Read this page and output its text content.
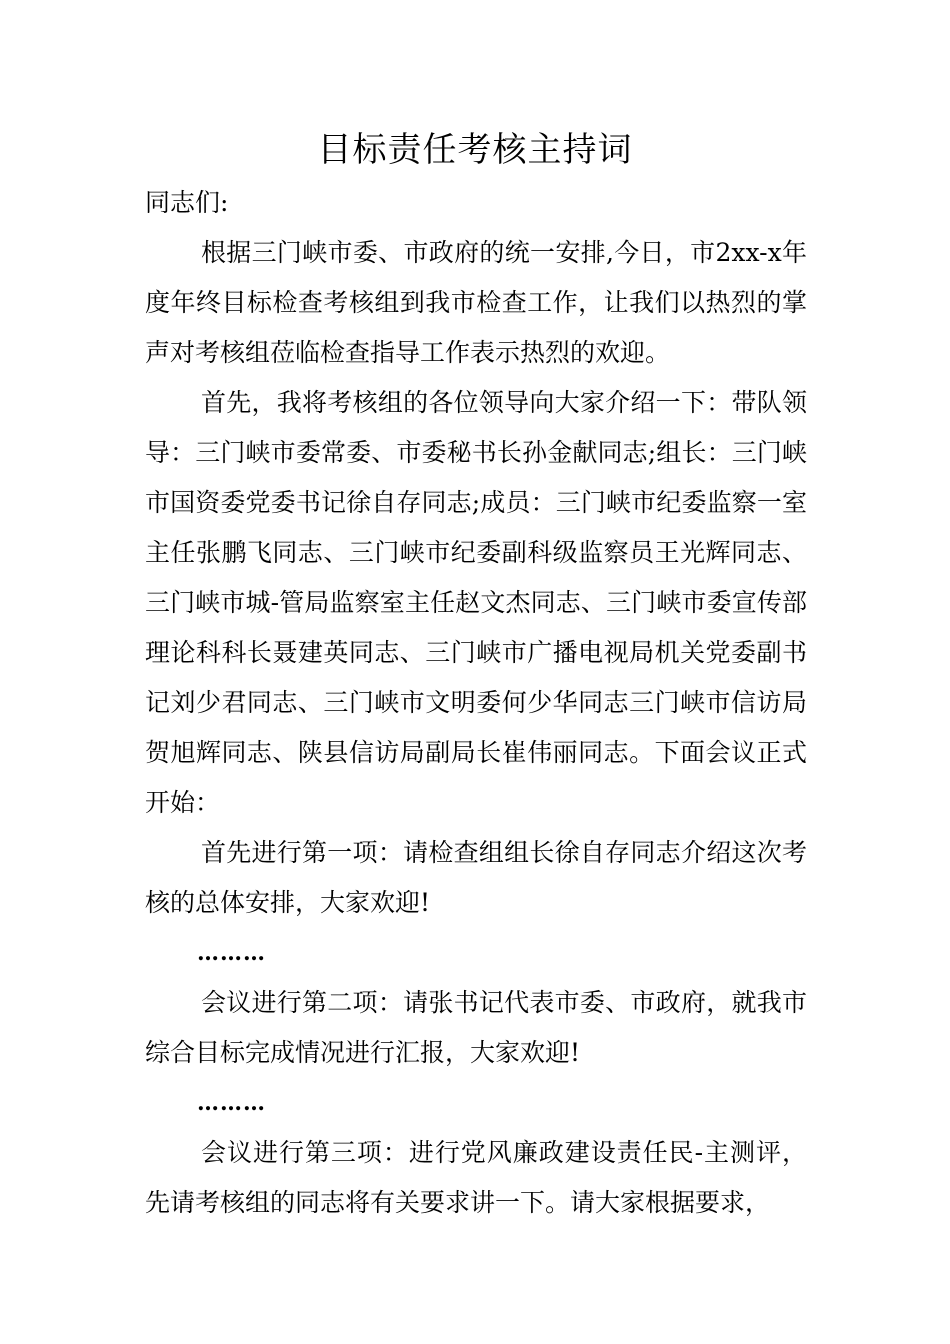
目标责任考核主持词

同志们:

根据三门峡市委、市政府的统一安排,今日，市2xx-x年度年终目标检查考核组到我市检查工作，让我们以热烈的掌声对考核组莅临检查指导工作表示热烈的欢迎。

首先，我将考核组的各位领导向大家介绍一下：带队领导：三门峡市委常委、市委秘书长孙金献同志;组长：三门峡市国资委党委书记徐自存同志;成员：三门峡市纪委监察一室主任张鹏飞同志、三门峡市纪委副科级监察员王光辉同志、三门峡市城-管局监察室主任赵文杰同志、三门峡市委宣传部理论科科长聂建英同志、三门峡市广播电视局机关党委副书记刘少君同志、三门峡市文明委何少华同志三门峡市信访局贺旭辉同志、陕县信访局副局长崔伟丽同志。下面会议正式开始：

首先进行第一项：请检查组组长徐自存同志介绍这次考核的总体安排，大家欢迎!

………

会议进行第二项：请张书记代表市委、市政府，就我市综合目标完成情况进行汇报，大家欢迎!

………

会议进行第三项：进行党风廉政建设责任民-主测评，先请考核组的同志将有关要求讲一下。请大家根据要求，
